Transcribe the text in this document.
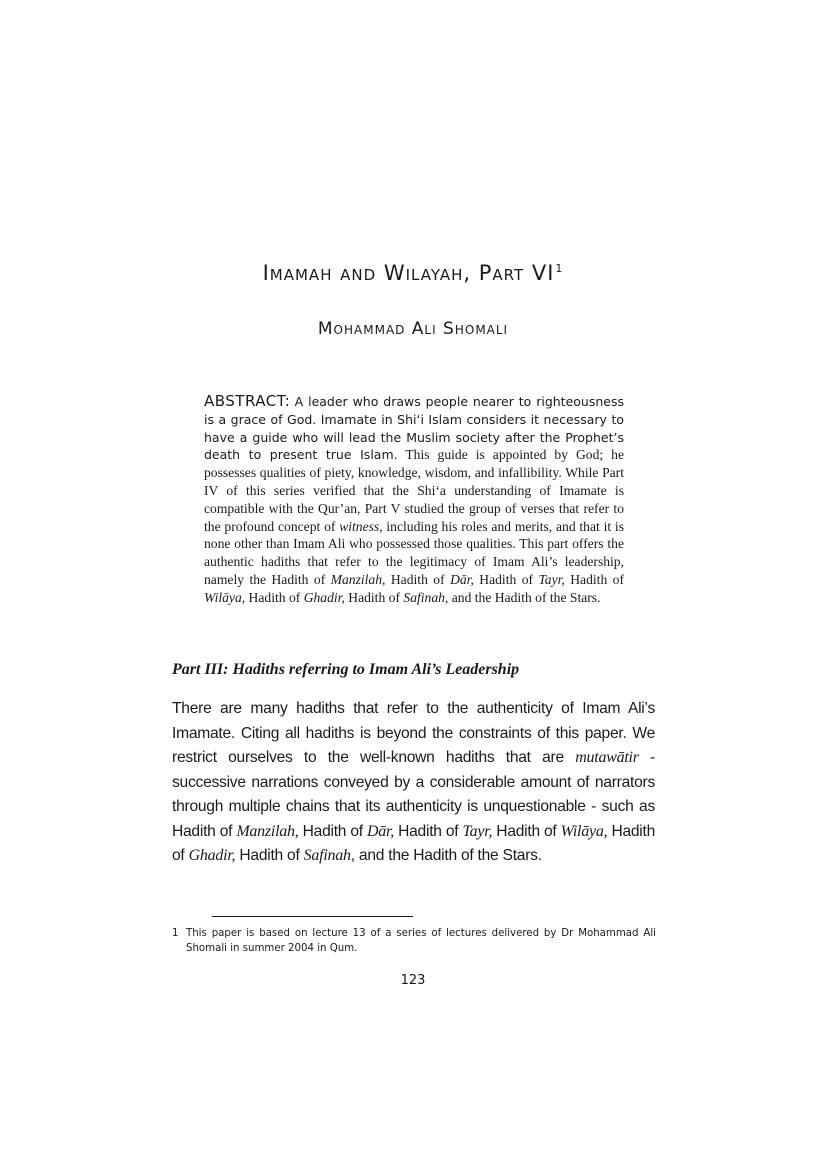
Imamah and Wilayah, Part $VI^1$
Mohammad Ali Shomali

ABSTRACT: A leader who draws people nearer to righteousness is a grace of God. Imamate in Shi‘i Islam considers it necessary to have a guide who will lead the Muslim society after the Prophet’s death to present true Islam. This guide is appointed by God; he possesses qualities of piety, knowledge, wisdom, and infallibility. While Part IV of this series verified that the Shi‘a understanding of Imamate is compatible with the Qur’an, Part V studied the group of verses that refer to the profound concept of witness, including his roles and merits, and that it is none other than Imam Ali who possessed those qualities. This part offers the authentic hadiths that refer to the legitimacy of Imam Ali’s leadership, namely the Hadith of Manzilah, Hadith of Dār, Hadith of Tayr, Hadith of Wilāya, Hadith of Ghadir, Hadith of Safinah, and the Hadith of the Stars.

Part III: Hadiths referring to Imam Ali’s Leadership

There are many hadiths that refer to the authenticity of Imam Ali’s Imamate. Citing all hadiths is beyond the constraints of this paper. We restrict ourselves to the well-known hadiths that are mutawātir - successive narrations conveyed by a considerable amount of narrators through multiple chains that its authenticity is unquestionable - such as Hadith of Manzilah, Hadith of Dār, Hadith of Tayr, Hadith of Wilāya, Hadith of Ghadir, Hadith of Safinah, and the Hadith of the Stars.

1 This paper is based on lecture 13 of a series of lectures delivered by Dr Mohammad Ali Shomali in summer 2004 in Qum.

123
